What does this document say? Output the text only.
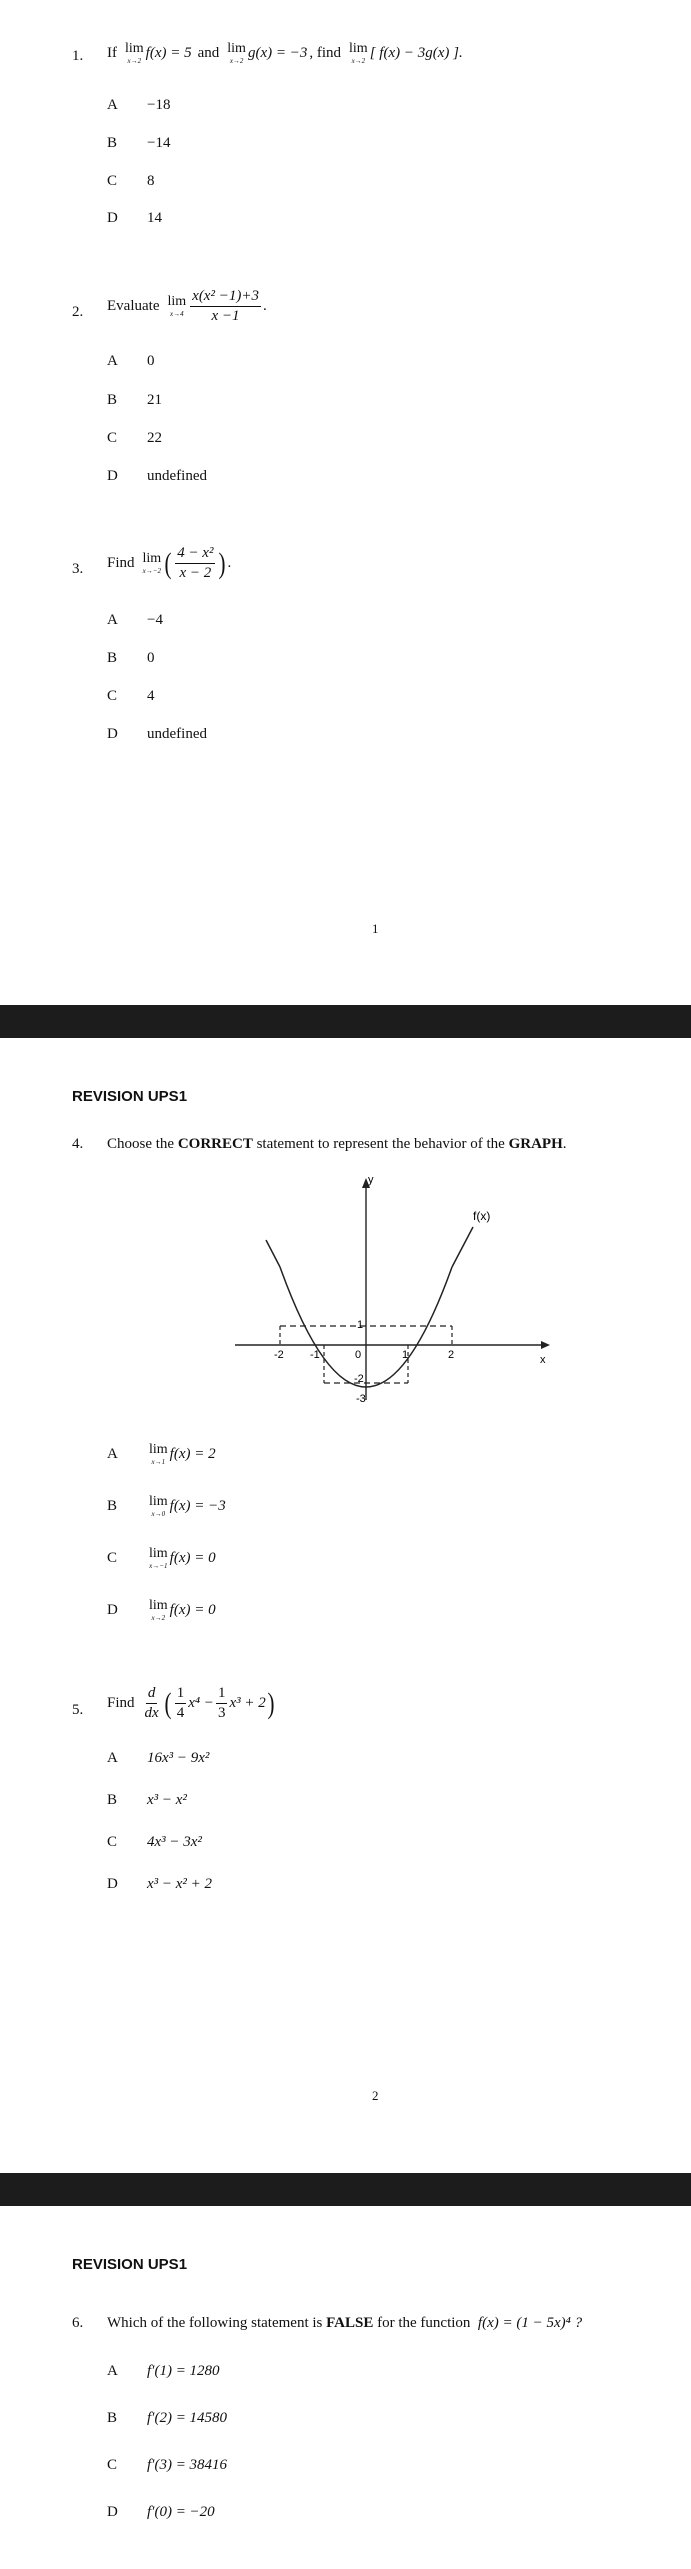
1. If lim
x→2 f(x) = 5 and lim
x→2 g(x) = −3 , find lim
x→2 [ f(x) − 3g(x) ].
A	−18
B	−14
C	8
D	14
2. Evaluate lim
$x\to 4 \frac{\text{x(x² −1)+3}}{x -1}$ .
A	0
B	21
C	22
D	undefined
3. Find lim
x→−2 ( $\frac{\text{4 − x²}}{x - 2}$ ) .
A	−4
B	0
C	4
D	undefined
1
REVISION UPS1
4. Choose the
CORRECT
statement to represent the behavior of the
GRAPH .
y
x
f(x)
-2 -1	0	1	2
1
-2
-3
A	lim
x→1 f(x) = 2
B	lim
x→0 f(x) = −3
C	lim
x→−1 f(x) = 0
D	lim
x→2 f(x) = 0
5. Find $\frac{d}{dx}$ ( $\frac{1}{4} x^4 - \frac{1}{3} x^3 + 2$ )
A	16x³ − 9x²
B	x³ − x²
C	4x³ − 3x²
D	x³ − x² + 2
2
REVISION UPS1
6. Which of the following statement is
FALSE
for the function
f(x) = (1 − 5x)⁴ ?
A	f′(1) = 1280
B	f′(2) = 14580
C	f′(3) = 38416
D	f′(0) = −20
